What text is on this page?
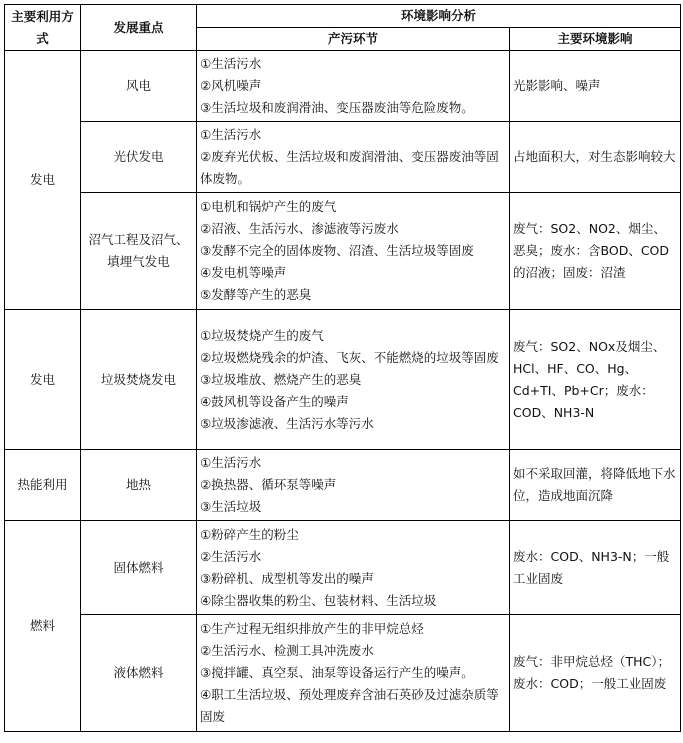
主要利用方式	发展重点	环境影响分析	
		产污环节	主要环境影响
发电	风电	①生活污水
②风机噪声
③生活垃圾和废润滑油、变压器废油等危险废物。	光影影响、噪声
	光伏发电	①生活污水
②废弃光伏板、生活垃圾和废润滑油、变压器废油等固体废物。	占地面积大，对生态影响较大
	沼气工程及沼气、填埋气发电	①电机和锅炉产生的废气
②沼液、生活污水、渗滤液等污废水
③发酵不完全的固体废物、沼渣、生活垃圾等固废
④发电机等噪声
⑤发酵等产生的恶臭	废气：SO2、NO2、烟尘、恶臭；废水：含BOD、COD的沼液；固废：沼渣
发电	垃圾焚烧发电	①垃圾焚烧产生的废气
②垃圾燃烧残余的炉渣、飞灰、不能燃烧的垃圾等固废
③垃圾堆放、燃烧产生的恶臭
④鼓风机等设备产生的噪声
⑤垃圾渗滤液、生活污水等污水	废气：SO2、NOx及烟尘、HCl、HF、CO、Hg、Cd+TI、Pb+Cr；废水：COD、NH3-N
热能利用	地热	①生活污水
②换热器、循环泵等噪声
③生活垃圾	如不采取回灌，将降低地下水位，造成地面沉降
燃料	固体燃料	①粉碎产生的粉尘
②生活污水
③粉碎机、成型机等发出的噪声
④除尘器收集的粉尘、包装材料、生活垃圾	废水：COD、NH3-N；一般工业固废
	液体燃料	①生产过程无组织排放产生的非甲烷总烃
②生活污水、检测工具冲洗废水
③搅拌罐、真空泵、油泵等设备运行产生的噪声。
④职工生活垃圾、预处理废弃含油石英砂及过滤杂质等固废	废气：非甲烷总烃（THC）；废水：COD；一般工业固废
